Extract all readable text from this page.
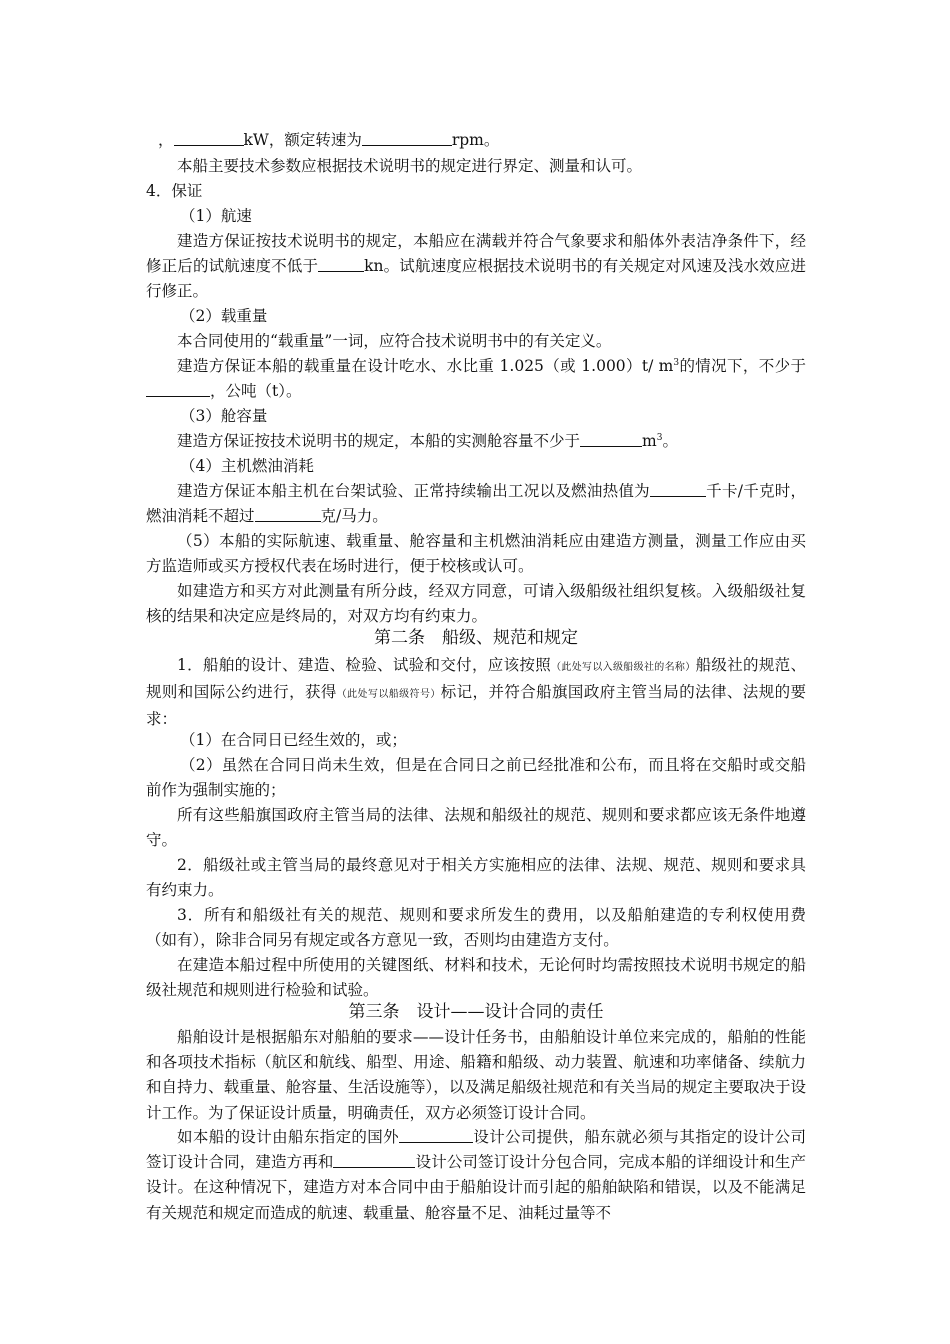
，	kW，额定转速为	rpm。

本船主要技术参数应根据技术说明书的规定进行界定、测量和认可。

4．保证

（1）航速

建造方保证按技术说明书的规定，本船应在满载并符合气象要求和船体外表洁净条件下，经修正后的试航速度不低于	kn。试航速度应根据技术说明书的有关规定对风速及浅水效应进行修正。

（2）载重量

本合同使用的“载重量”一词，应符合技术说明书中的有关定义。

建造方保证本船的载重量在设计吃水、水比重 1.025（或 1.000）t/ $m^3$的情况下，不少于，公吨（t）。

（3）舱容量

建造方保证按技术说明书的规定，本船的实测舱容量不少于	$m^3$。

（4）主机燃油消耗

建造方保证本船主机在台架试验、正常持续输出工况以及燃油热值为	千卡/千克时，燃油消耗不超过	克/马力。

（5）本船的实际航速、载重量、舱容量和主机燃油消耗应由建造方测量，测量工作应由买方监造师或买方授权代表在场时进行，便于校核或认可。

如建造方和买方对此测量有所分歧，经双方同意，可请入级船级社组织复核。入级船级社复核的结果和决定应是终局的，对双方均有约束力。

第二条　船级、规范和规定

1．船舶的设计、建造、检验、试验和交付，应该按照（此处写以入级船级社的名称）船级社的规范、规则和国际公约进行，获得（此处写以船级符号）标记，并符合船旗国政府主管当局的法律、法规的要求：

（1）在合同日已经生效的，或；

（2）虽然在合同日尚未生效，但是在合同日之前已经批准和公布，而且将在交船时或交船前作为强制实施的；

所有这些船旗国政府主管当局的法律、法规和船级社的规范、规则和要求都应该无条件地遵守。

2．船级社或主管当局的最终意见对于相关方实施相应的法律、法规、规范、规则和要求具有约束力。

3．所有和船级社有关的规范、规则和要求所发生的费用，以及船舶建造的专利权使用费（如有），除非合同另有规定或各方意见一致，否则均由建造方支付。

在建造本船过程中所使用的关键图纸、材料和技术，无论何时均需按照技术说明书规定的船级社规范和规则进行检验和试验。

第三条　设计——设计合同的责任

船舶设计是根据船东对船舶的要求——设计任务书，由船舶设计单位来完成的，船舶的性能和各项技术指标（航区和航线、船型、用途、船籍和船级、动力装置、航速和功率储备、续航力和自持力、载重量、舱容量、生活设施等），以及满足船级社规范和有关当局的规定主要取决于设计工作。为了保证设计质量，明确责任，双方必须签订设计合同。

如本船的设计由船东指定的国外	设计公司提供，船东就必须与其指定的设计公司签订设计合同，建造方再和	设计公司签订设计分包合同，完成本船的详细设计和生产设计。在这种情况下，建造方对本合同中由于船舶设计而引起的船舶缺陷和错误，以及不能满足有关规范和规定而造成的航速、载重量、舱容量不足、油耗过量等不
